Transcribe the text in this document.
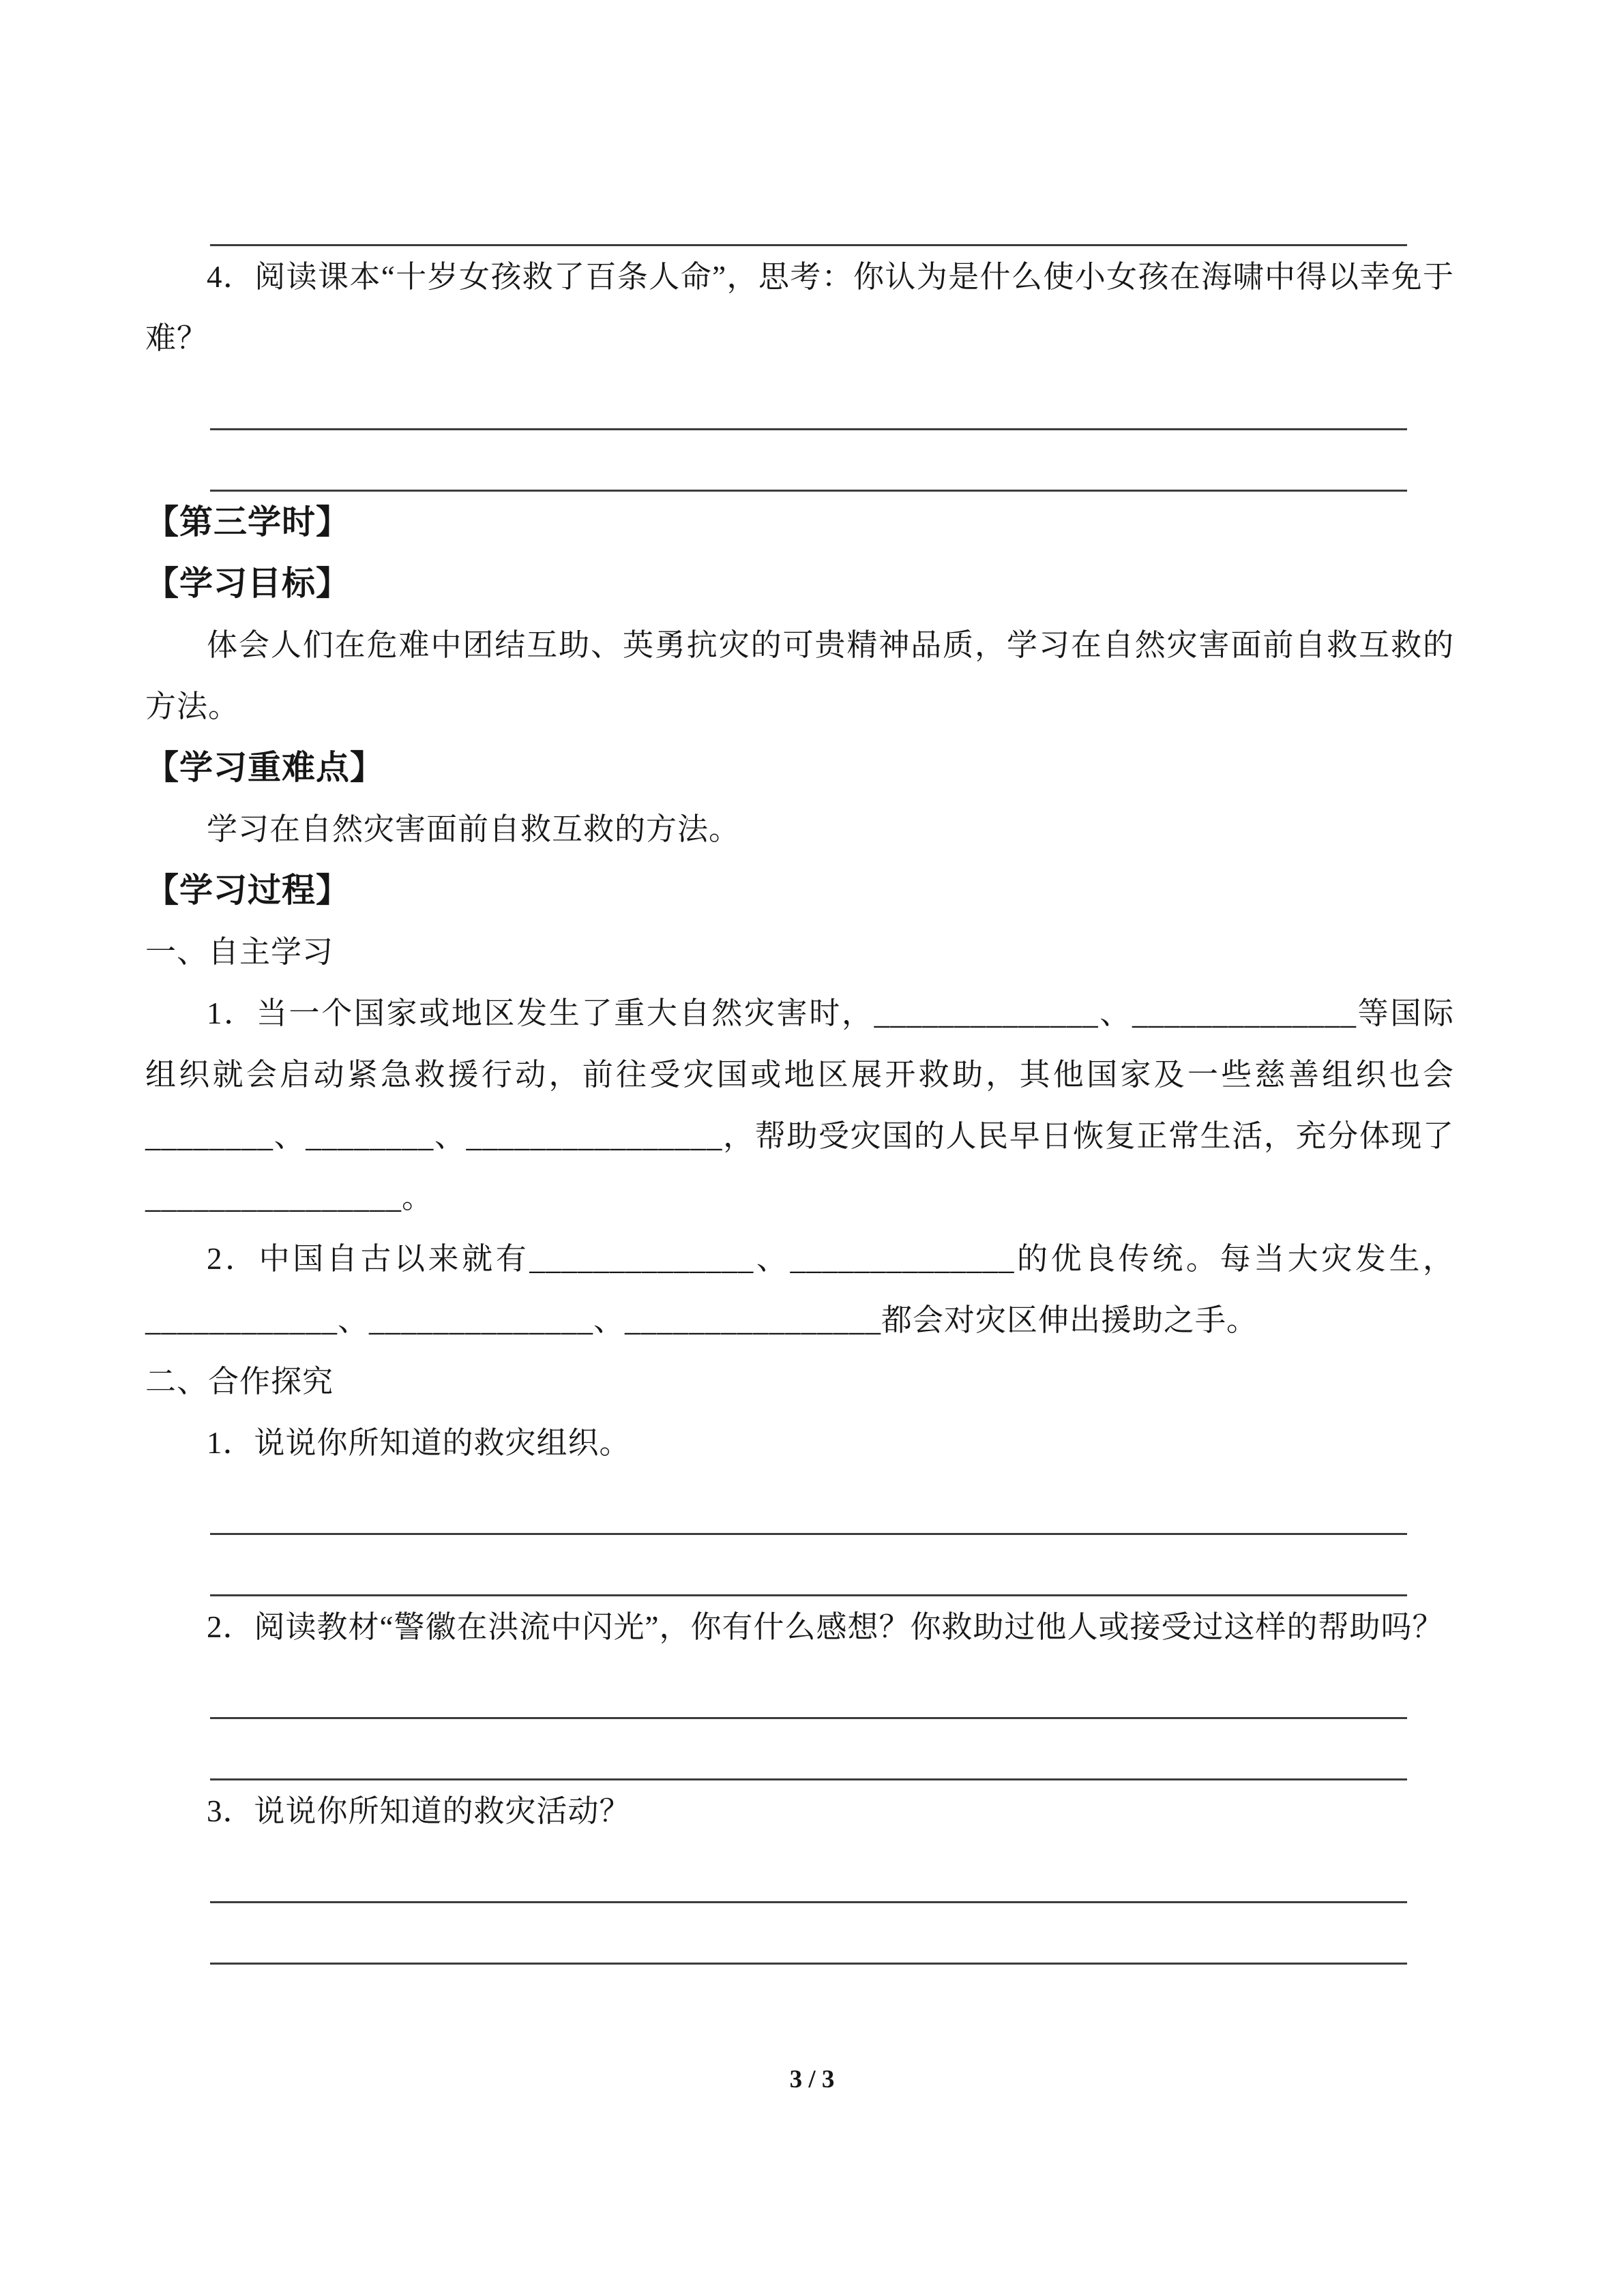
4．阅读课本“十岁女孩救了百条人命”，思考：你认为是什么使小女孩在海啸中得以幸免于难？

【第三学时】
【学习目标】

体会人们在危难中团结互助、英勇抗灾的可贵精神品质，学习在自然灾害面前自救互救的方法。

【学习重难点】

学习在自然灾害面前自救互救的方法。

【学习过程】

一、自主学习

1．当一个国家或地区发生了重大自然灾害时，______________、______________等国际组织就会启动紧急救援行动，前往受灾国或地区展开救助，其他国家及一些慈善组织也会________、________、________________，帮助受灾国的人民早日恢复正常生活，充分体现了________________。

2．中国自古以来就有______________、______________的优良传统。每当大灾发生，____________、______________、________________都会对灾区伸出援助之手。

二、合作探究

1．说说你所知道的救灾组织。

2．阅读教材“警徽在洪流中闪光”，你有什么感想？你救助过他人或接受过这样的帮助吗？

3．说说你所知道的救灾活动？

3 / 3
